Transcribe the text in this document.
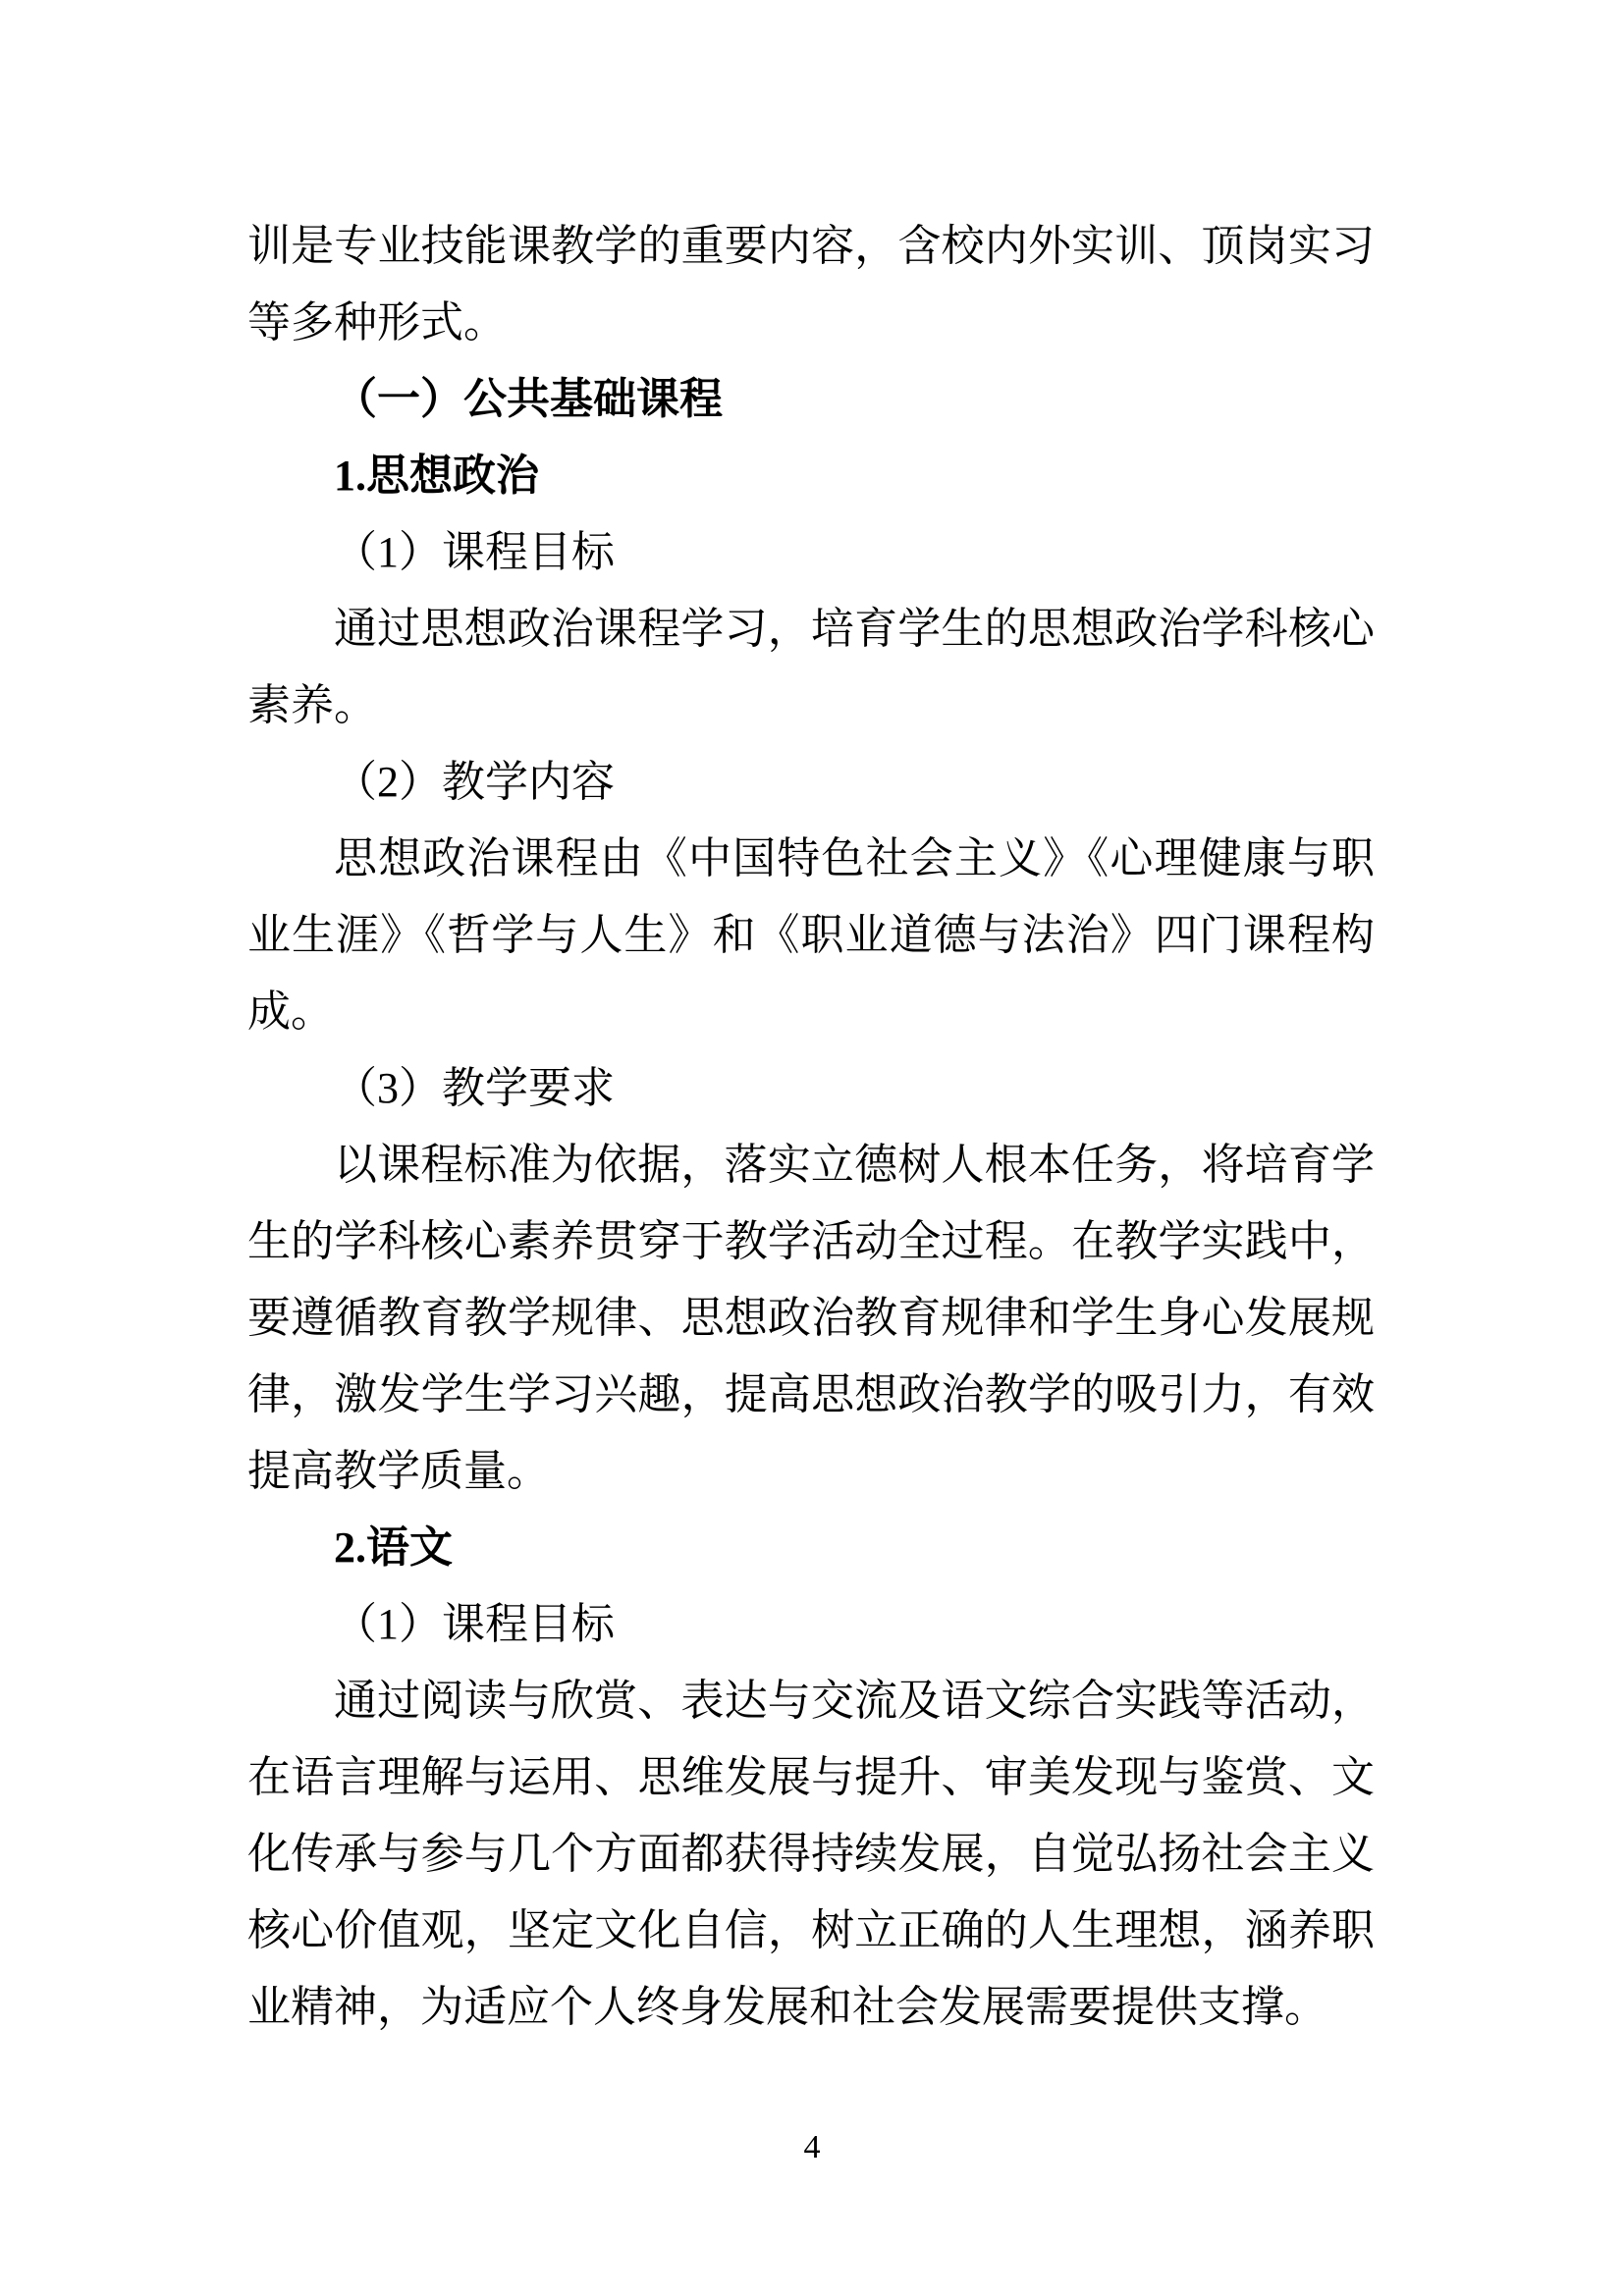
训是专业技能课教学的重要内容，含校内外实训、顶岗实习等多种形式。

（一）公共基础课程

1.思想政治

（1）课程目标

通过思想政治课程学习，培育学生的思想政治学科核心素养。

（2）教学内容

思想政治课程由《中国特色社会主义》《心理健康与职业生涯》《哲学与人生》和《职业道德与法治》四门课程构成。

（3）教学要求

以课程标准为依据，落实立德树人根本任务，将培育学生的学科核心素养贯穿于教学活动全过程。在教学实践中，要遵循教育教学规律、思想政治教育规律和学生身心发展规律，激发学生学习兴趣，提高思想政治教学的吸引力，有效提高教学质量。

2.语文

（1）课程目标

通过阅读与欣赏、表达与交流及语文综合实践等活动，在语言理解与运用、思维发展与提升、审美发现与鉴赏、文化传承与参与几个方面都获得持续发展，自觉弘扬社会主义核心价值观，坚定文化自信，树立正确的人生理想，涵养职业精神，为适应个人终身发展和社会发展需要提供支撑。

4
